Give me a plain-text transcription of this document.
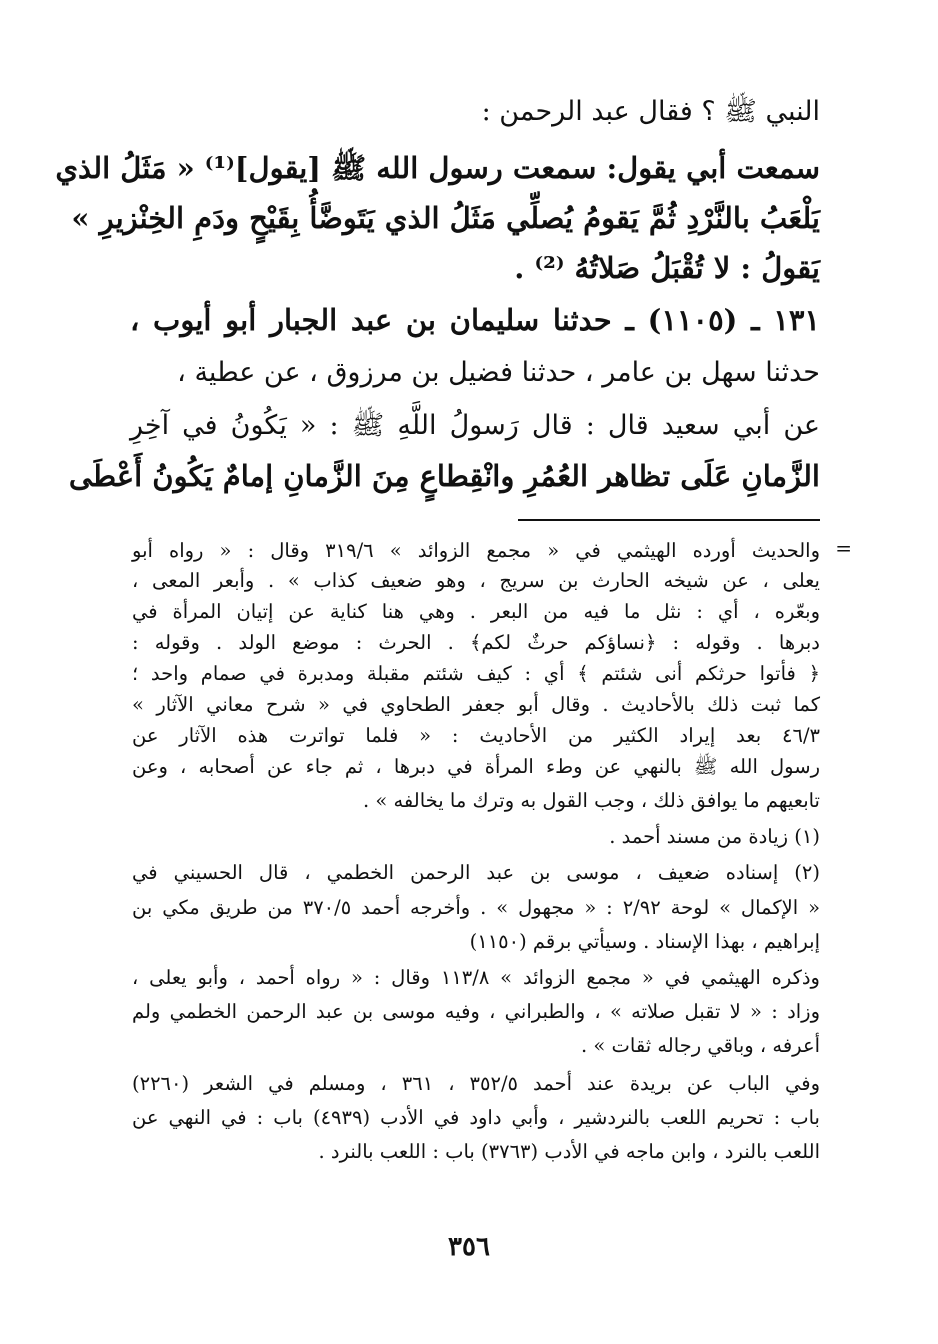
النبي ﷺ ؟ فقال عبد الرحمن :
سمعت أبي يقول: سمعت رسول الله ﷺ [يقول]⁽¹⁾ « مَثَلُ الذي
يَلْعَبُ بالنَّرْدِ ثُمَّ يَقومُ يُصلِّي مَثَلُ الذي يَتَوضَّأُ بِقَيْحٍ ودَمِ الخِنْزيرِ »
يَقولُ : لا تُقْبَلُ صَلاتُهُ ⁽²⁾ .
١٣١ ـ (١١٠٥) ـ حدثنا سليمان بن عبد الجبار أبو أيوب ،
حدثنا سهل بن عامر ، حدثنا فضيل بن مرزوق ، عن عطية ،
عن أبي سعيد قال : قال رَسولُ اللَّهِ ﷺ : « يَكُونُ في آخِرِ
الزَّمانِ عَلَى تظاهر العُمُرِ وانْقِطاعٍ مِنَ الزَّمانِ إمامٌ يَكُونُ أَعْطَى
=
والحديث أورده الهيثمي في « مجمع الزوائد » ٣١٩/٦ وقال : « رواه أبو
يعلى ، عن شيخه الحارث بن سريج ، وهو ضعيف كذاب » . وأبعر المعى ،
وبعّره ، أي : نثل ما فيه من البعر . وهي هنا كناية عن إتيان المرأة في
دبرها . وقوله : ﴿نساؤكم حرثٌ لكم﴾ . الحرث : موضع الولد . وقوله :
﴿ فأتوا حرثكم أنى شئتم ﴾ أي : كيف شئتم مقبلة ومدبرة في صمام واحد ؛
كما ثبت ذلك بالأحاديث . وقال أبو جعفر الطحاوي في « شرح معاني الآثار »
٤٦/٣ بعد إيراد الكثير من الأحاديث : « فلما تواترت هذه الآثار عن
رسول الله ﷺ بالنهي عن وطء المرأة في دبرها ، ثم جاء عن أصحابه ، وعن
تابعيهم ما يوافق ذلك ، وجب القول به وترك ما يخالفه » .
(١) زيادة من مسند أحمد .
(٢) إسناده ضعيف ، موسى بن عبد الرحمن الخطمي ، قال الحسيني في
« الإكمال » لوحة ٢/٩٢ : « مجهول » . وأخرجه أحمد ٣٧٠/٥ من طريق مكي بن
إبراهيم ، بهذا الإسناد . وسيأتي برقم (١١٥٠)
وذكره الهيثمي في « مجمع الزوائد » ١١٣/٨ وقال : « رواه أحمد ، وأبو يعلى ،
وزاد : « لا تقبل صلاته » ، والطبراني ، وفيه موسى بن عبد الرحمن الخطمي ولم
أعرفه ، وباقي رجاله ثقات » .
وفي الباب عن بريدة عند أحمد ٣٥٢/٥ ، ٣٦١ ، ومسلم في الشعر (٢٢٦٠)
باب : تحريم اللعب بالنردشير ، وأبي داود في الأدب (٤٩٣٩) باب : في النهي عن
اللعب بالنرد ، وابن ماجه في الأدب (٣٧٦٣) باب : اللعب بالنرد .
٣٥٦
